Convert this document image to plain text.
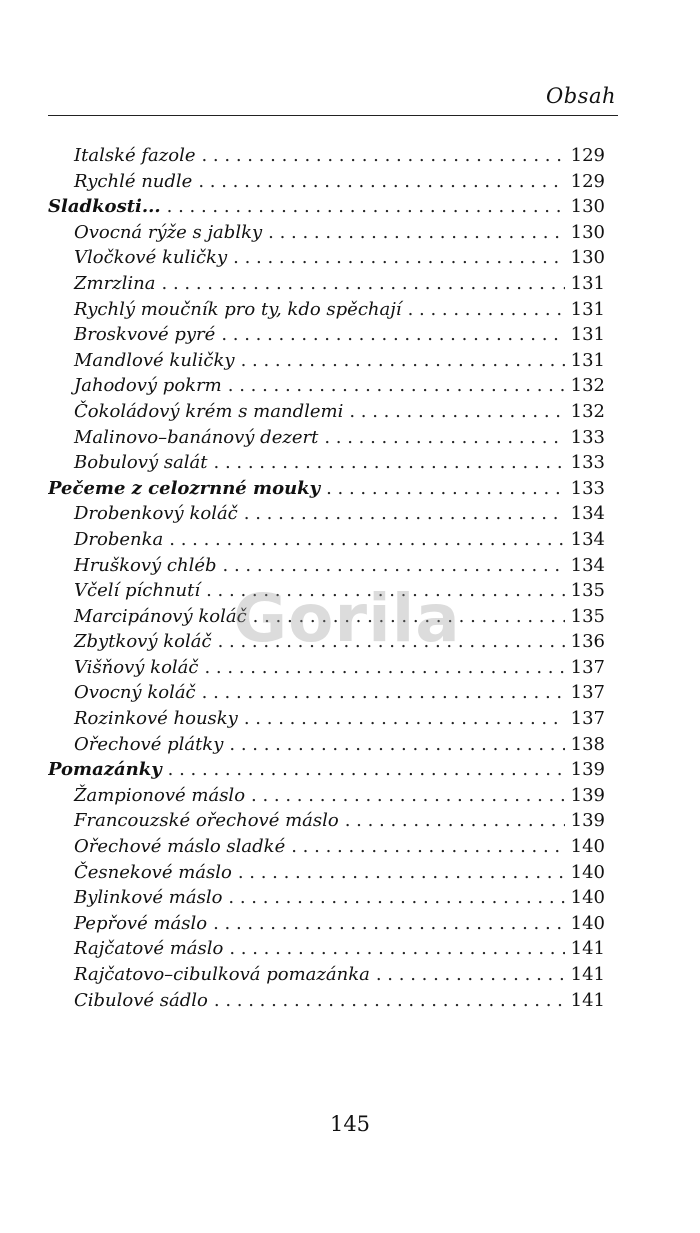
Obsah
Italské fazole . . .	129
Rychlé nudle . . .	129
Sladkosti... . . .	130
Ovocná rýže s jablky . . .	130
Vločkové kuličky . . .	130
Zmrzlina . . .	131
Rychlý moučník pro ty, kdo spěchají . . .	131
Broskvové pyré . . .	131
Mandlové kuličky . . .	131
Jahodový pokrm . . .	132
Čokoládový krém s mandlemi . . .	132
Malinovo–banánový dezert . . .	133
Bobulový salát . . .	133
Pečeme z celozrnné mouky . . .	133
Drobenkový koláč . . .	134
Drobenka . . .	134
Hruškový chléb . . .	134
Včelí píchnutí . . .	135
Marcipánový koláč . . .	135
Zbytkový koláč . . .	136
Višňový koláč . . .	137
Ovocný koláč . . .	137
Rozinkové housky . . .	137
Ořechové plátky . . .	138
Pomazánky . . .	139
Žampionové máslo . . .	139
Francouzské ořechové máslo . . .	139
Ořechové máslo sladké . . .	140
Česnekové máslo . . .	140
Bylinkové máslo . . .	140
Pepřové máslo . . .	140
Rajčatové máslo . . .	141
Rajčatovo–cibulková pomazánka . . .	141
Cibulové sádlo . . .	141
Gorila
145
